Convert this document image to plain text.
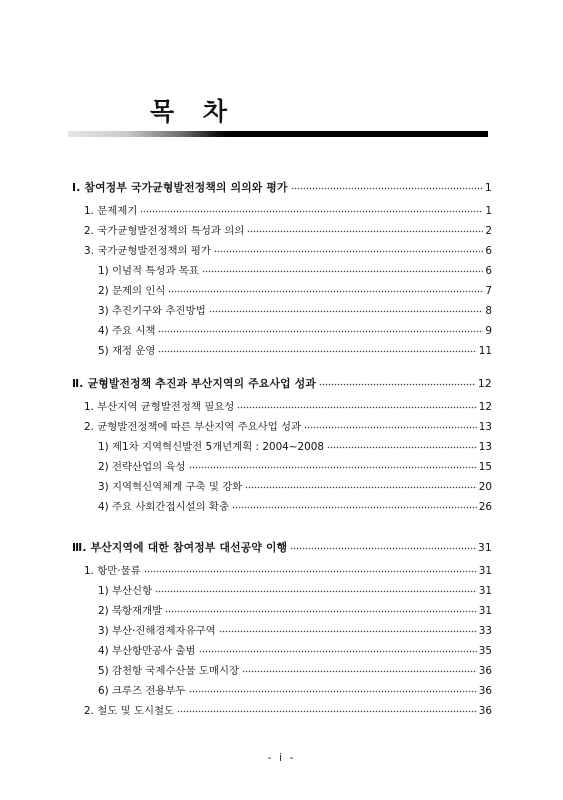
목 차
Ⅰ. 참여정부 국가균형발전정책의 의의와 평가	1
1. 문제제기	1
2. 국가균형발전정책의 특성과 의의	2
3. 국가균형발전정책의 평가	6
1) 이념적 특성과 목표	6
2) 문제의 인식	7
3) 추진기구와 추진방법	8
4) 주요 시책	9
5) 재정 운영	11
Ⅱ. 균형발전정책 추진과 부산지역의 주요사업 성과	12
1. 부산지역 균형발전정책 필요성	12
2. 균형발전정책에 따른 부산지역 주요사업 성과	13
1) 제1차 지역혁신발전 5개년계획 : 2004~2008	13
2) 전략산업의 육성	15
3) 지역혁신역체계 구축 및 강화	20
4) 주요 사회간접시설의 확충	26
Ⅲ. 부산지역에 대한 참여정부 대선공약 이행	31
1. 항만·물류	31
1) 부산신항	31
2) 북항재개발	31
3) 부산·진해경제자유구역	33
4) 부산항만공사 출범	35
5) 감천항 국제수산물 도매시장	36
6) 크루즈 전용부두	36
2. 철도 및 도시철도	36
- i -
